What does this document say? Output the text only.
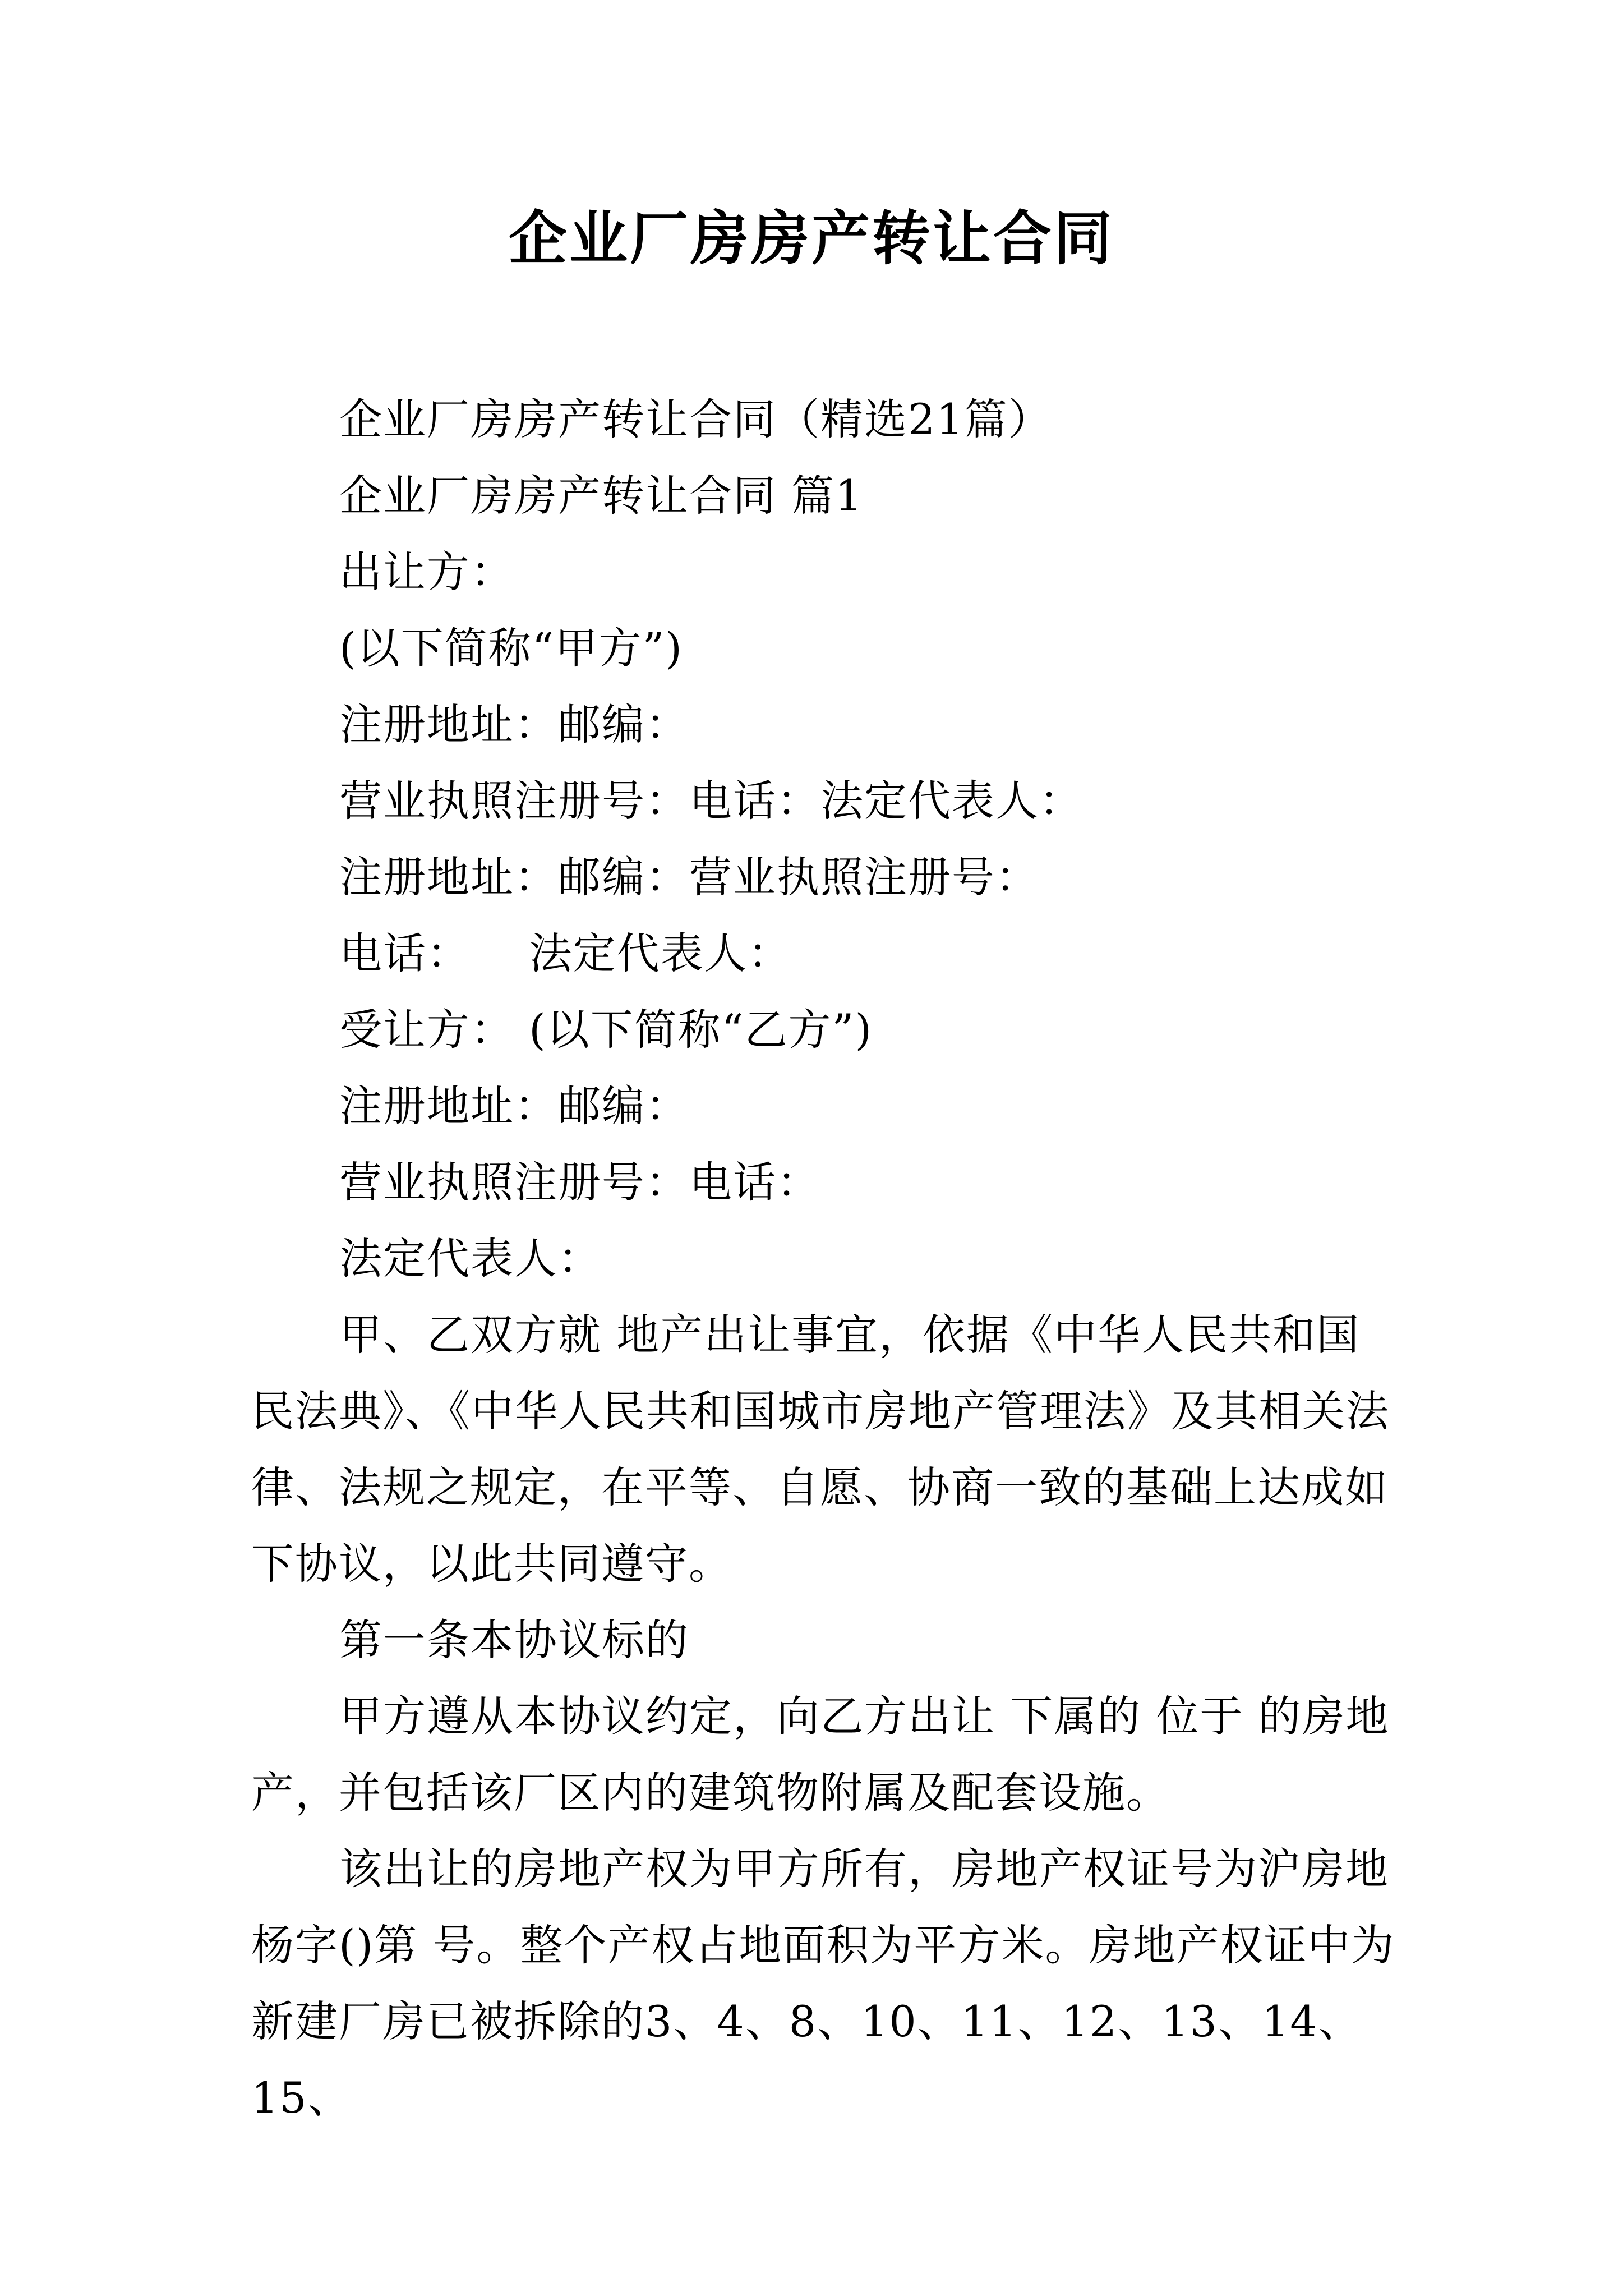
企业厂房房产转让合同

企业厂房房产转让合同（精选21篇）

企业厂房房产转让合同 篇1

出让方：

(以下简称“甲方”)

注册地址：邮编：

营业执照注册号：电话：法定代表人：

注册地址：邮编：营业执照注册号：

电话：    法定代表人：

受让方： (以下简称“乙方”)

注册地址：邮编：

营业执照注册号：电话：

法定代表人：

甲、乙双方就 地产出让事宜，依据《中华人民共和国民法典》、《中华人民共和国城市房地产管理法》及其相关法律、法规之规定，在平等、自愿、协商一致的基础上达成如下协议，以此共同遵守。

第一条本协议标的

甲方遵从本协议约定，向乙方出让 下属的 位于 的房地产，并包括该厂区内的建筑物附属及配套设施。

该出让的房地产权为甲方所有，房地产权证号为沪房地杨字()第 号。整个产权占地面积为平方米。房地产权证中为新建厂房已被拆除的3、4、8、10、11、12、13、14、15、
